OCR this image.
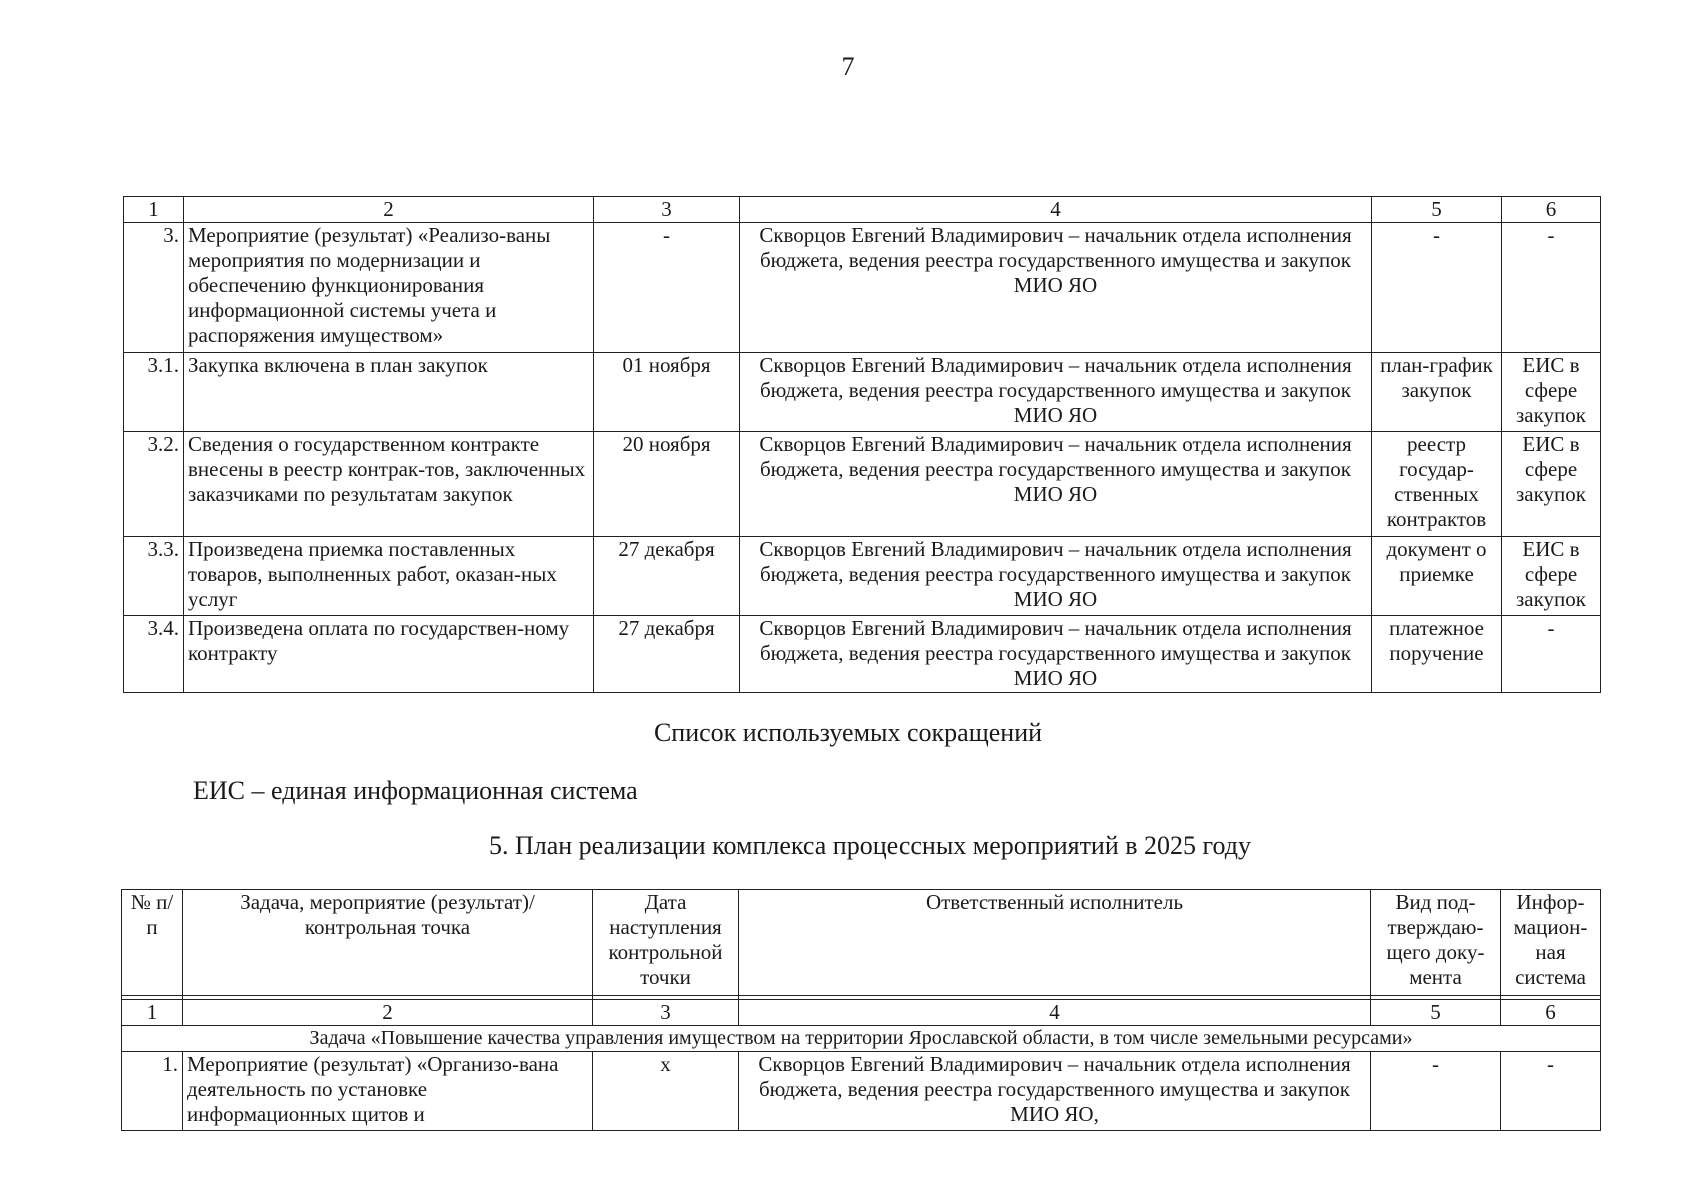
7
1	2	3	4	5	6
3.	Мероприятие (результат) «Реализо-ваны мероприятия по модернизации и обеспечению функционирования информационной системы учета и распоряжения имуществом»	-	Скворцов Евгений Владимирович – начальник отдела исполнения бюджета, ведения реестра государственного имущества и закупок МИО ЯО	-	-
3.1.	Закупка включена в план закупок	01 ноября	Скворцов Евгений Владимирович – начальник отдела исполнения бюджета, ведения реестра государственного имущества и закупок МИО ЯО	план-график закупок	ЕИС в сфере закупок
3.2.	Сведения о государственном контракте внесены в реестр контрак-тов, заключенных заказчиками по результатам закупок	20 ноября	Скворцов Евгений Владимирович – начальник отдела исполнения бюджета, ведения реестра государственного имущества и закупок МИО ЯО	реестр государ-ственных контрактов	ЕИС в сфере закупок
3.3.	Произведена приемка поставленных товаров, выполненных работ, оказан-ных услуг	27 декабря	Скворцов Евгений Владимирович – начальник отдела исполнения бюджета, ведения реестра государственного имущества и закупок МИО ЯО	документ о приемке	ЕИС в сфере закупок
3.4.	Произведена оплата по государствен-ному контракту	27 декабря	Скворцов Евгений Владимирович – начальник отдела исполнения бюджета, ведения реестра государственного имущества и закупок МИО ЯО	платежное поручение	-
Список используемых сокращений
ЕИС – единая информационная система
5. План реализации комплекса процессных мероприятий в 2025 году
№ п/п	Задача, мероприятие (результат)/ контрольная точка	Дата наступления контрольной точки	Ответственный исполнитель	Вид под-тверждаю-щего доку-мента	Инфор-мацион-ная система

1	2	3	4	5	6
Задача «Повышение качества управления имуществом на территории Ярославской области, в том числе земельными ресурсами»					
1.	Мероприятие (результат) «Организо-вана деятельность по установке информационных щитов и	х	Скворцов Евгений Владимирович – начальник отдела исполнения бюджета, ведения реестра государственного имущества и закупок МИО ЯО,	-	-
